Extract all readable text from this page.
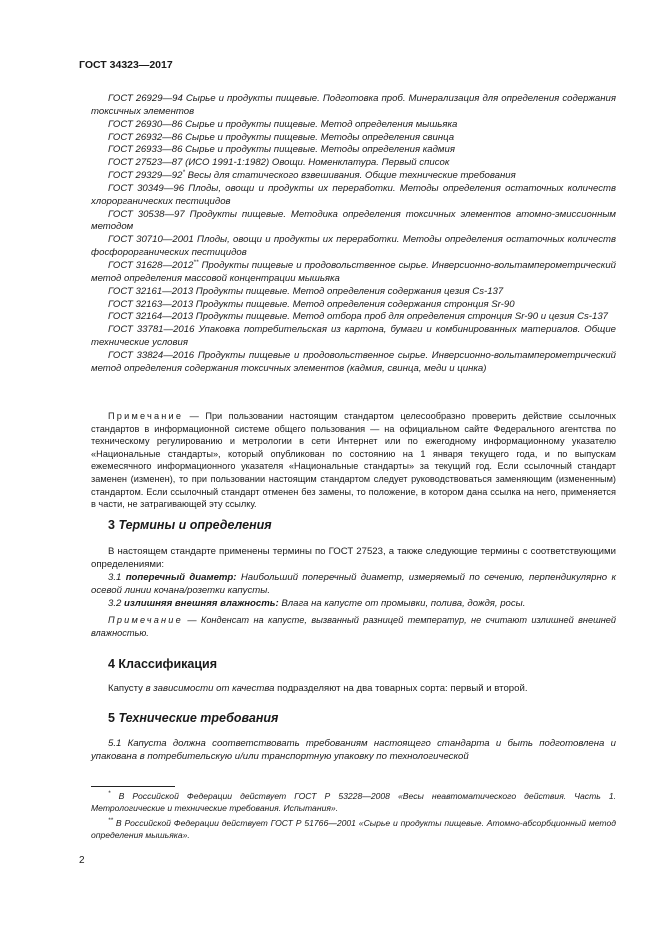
ГОСТ 34323—2017

ГОСТ 26929—94 Сырье и продукты пищевые. Подготовка проб. Минерализация для определения содержания токсичных элементов

ГОСТ 26930—86 Сырье и продукты пищевые. Метод определения мышьяка

ГОСТ 26932—86 Сырье и продукты пищевые. Методы определения свинца

ГОСТ 26933—86 Сырье и продукты пищевые. Методы определения кадмия

ГОСТ 27523—87 (ИСО 1991-1:1982) Овощи. Номенклатура. Первый список

ГОСТ 29329—92* Весы для статического взвешивания. Общие технические требования

ГОСТ 30349—96 Плоды, овощи и продукты их переработки. Методы определения остаточных количеств хлорорганических пестицидов

ГОСТ 30538—97 Продукты пищевые. Методика определения токсичных элементов атомно-эмиссионным методом

ГОСТ 30710—2001 Плоды, овощи и продукты их переработки. Методы определения остаточных количеств фосфорорганических пестицидов

ГОСТ 31628—2012** Продукты пищевые и продовольственное сырье. Инверсионно-вольтамперометрический метод определения массовой концентрации мышьяка

ГОСТ 32161—2013 Продукты пищевые. Метод определения содержания цезия Cs-137

ГОСТ 32163—2013 Продукты пищевые. Метод определения содержания стронция Sr-90

ГОСТ 32164—2013 Продукты пищевые. Метод отбора проб для определения стронция Sr-90 и цезия Cs-137

ГОСТ 33781—2016 Упаковка потребительская из картона, бумаги и комбинированных материалов. Общие технические условия

ГОСТ 33824—2016 Продукты пищевые и продовольственное сырье. Инверсионно-вольтамперометрический метод определения содержания токсичных элементов (кадмия, свинца, меди и цинка)

Примечание — При пользовании настоящим стандартом целесообразно проверить действие ссылочных стандартов в информационной системе общего пользования — на официальном сайте Федерального агентства по техническому регулированию и метрологии в сети Интернет или по ежегодному информационному указателю «Национальные стандарты», который опубликован по состоянию на 1 января текущего года, и по выпускам ежемесячного информационного указателя «Национальные стандарты» за текущий год. Если ссылочный стандарт заменен (изменен), то при пользовании настоящим стандартом следует руководствоваться заменяющим (измененным) стандартом. Если ссылочный стандарт отменен без замены, то положение, в котором дана ссылка на него, применяется в части, не затрагивающей эту ссылку.
3 Термины и определения

В настоящем стандарте применены термины по ГОСТ 27523, а также следующие термины с соответствующими определениями:

3.1 поперечный диаметр: Наибольший поперечный диаметр, измеряемый по сечению, перпендикулярно к осевой линии кочана/розетки капусты.

3.2 излишняя внешняя влажность: Влага на капусте от промывки, полива, дождя, росы.

Примечание — Конденсат на капусте, вызванный разницей температур, не считают излишней внешней влажностью.

4 Классификация

Капусту в зависимости от качества подразделяют на два товарных сорта: первый и второй.

5 Технические требования

5.1 Капуста должна соответствовать требованиям настоящего стандарта и быть подготовлена и упакована в потребительскую и/или транспортную упаковку по технологической

* В Российской Федерации действует ГОСТ Р 53228—2008 «Весы неавтоматического действия. Часть 1. Метрологические и технические требования. Испытания».

** В Российской Федерации действует ГОСТ Р 51766—2001 «Сырье и продукты пищевые. Атомно-абсорбционный метод определения мышьяка».

2
